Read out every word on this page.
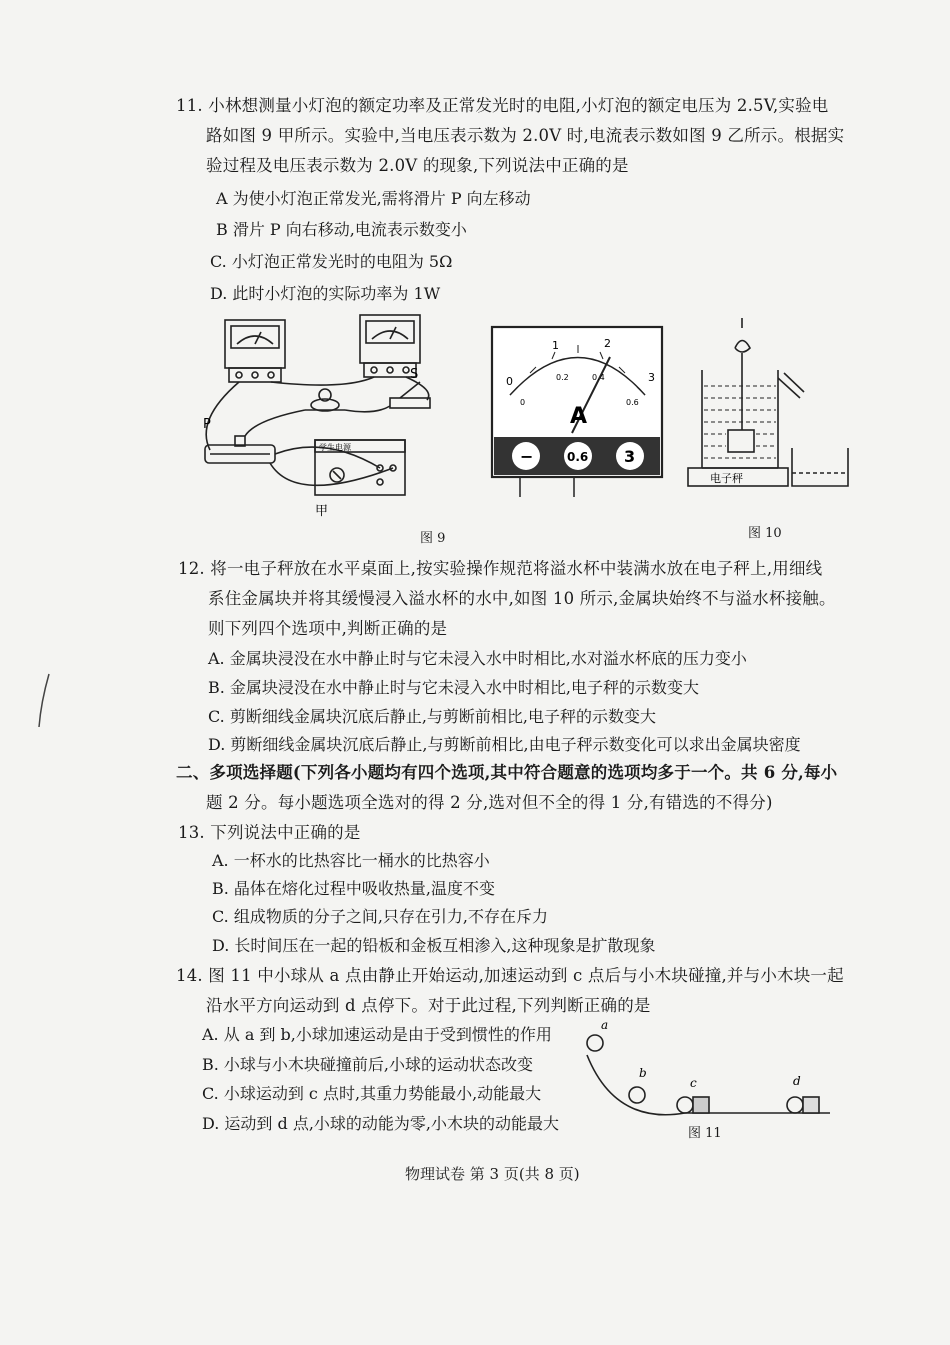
11. 小林想测量小灯泡的额定功率及正常发光时的电阻,小灯泡的额定电压为 2.5V,实验电
路如图 9 甲所示。实验中,当电压表示数为 2.0V 时,电流表示数如图 9 乙所示。根据实
验过程及电压表示数为 2.0V 的现象,下列说法中正确的是
A 为使小灯泡正常发光,需将滑片 P 向左移动
B 滑片 P 向右移动,电流表示数变小
C. 小灯泡正常发光时的电阻为 5Ω
D. 此时小灯泡的实际功率为 1W
P
S
学生电源
甲
0
1	2
3
0
0.2	0.4
0.6
A
−	0.6 3
图 9
电子秤
图 10
12. 将一电子秤放在水平桌面上,按实验操作规范将溢水杯中装满水放在电子秤上,用细线
系住金属块并将其缓慢浸入溢水杯的水中,如图 10 所示,金属块始终不与溢水杯接触。
则下列四个选项中,判断正确的是
A. 金属块浸没在水中静止时与它未浸入水中时相比,水对溢水杯底的压力变小
B. 金属块浸没在水中静止时与它未浸入水中时相比,电子秤的示数变大
C. 剪断细线金属块沉底后静止,与剪断前相比,电子秤的示数变大
D. 剪断细线金属块沉底后静止,与剪断前相比,由电子秤示数变化可以求出金属块密度
二、多项选择题(下列各小题均有四个选项,其中符合题意的选项均多于一个。共 6 分,每小
题 2 分。每小题选项全选对的得 2 分,选对但不全的得 1 分,有错选的不得分)
13. 下列说法中正确的是
A. 一杯水的比热容比一桶水的比热容小
B. 晶体在熔化过程中吸收热量,温度不变
C. 组成物质的分子之间,只存在引力,不存在斥力
D. 长时间压在一起的铅板和金板互相渗入,这种现象是扩散现象
14. 图 11 中小球从 a 点由静止开始运动,加速运动到 c 点后与小木块碰撞,并与小木块一起
沿水平方向运动到 d 点停下。对于此过程,下列判断正确的是
A. 从 a 到 b,小球加速运动是由于受到惯性的作用
B. 小球与小木块碰撞前后,小球的运动状态改变
C. 小球运动到 c 点时,其重力势能最小,动能最大
D. 运动到 d 点,小球的动能为零,小木块的动能最大
a
b
c	d
图 11
物理试卷 第 3 页(共 8 页)
